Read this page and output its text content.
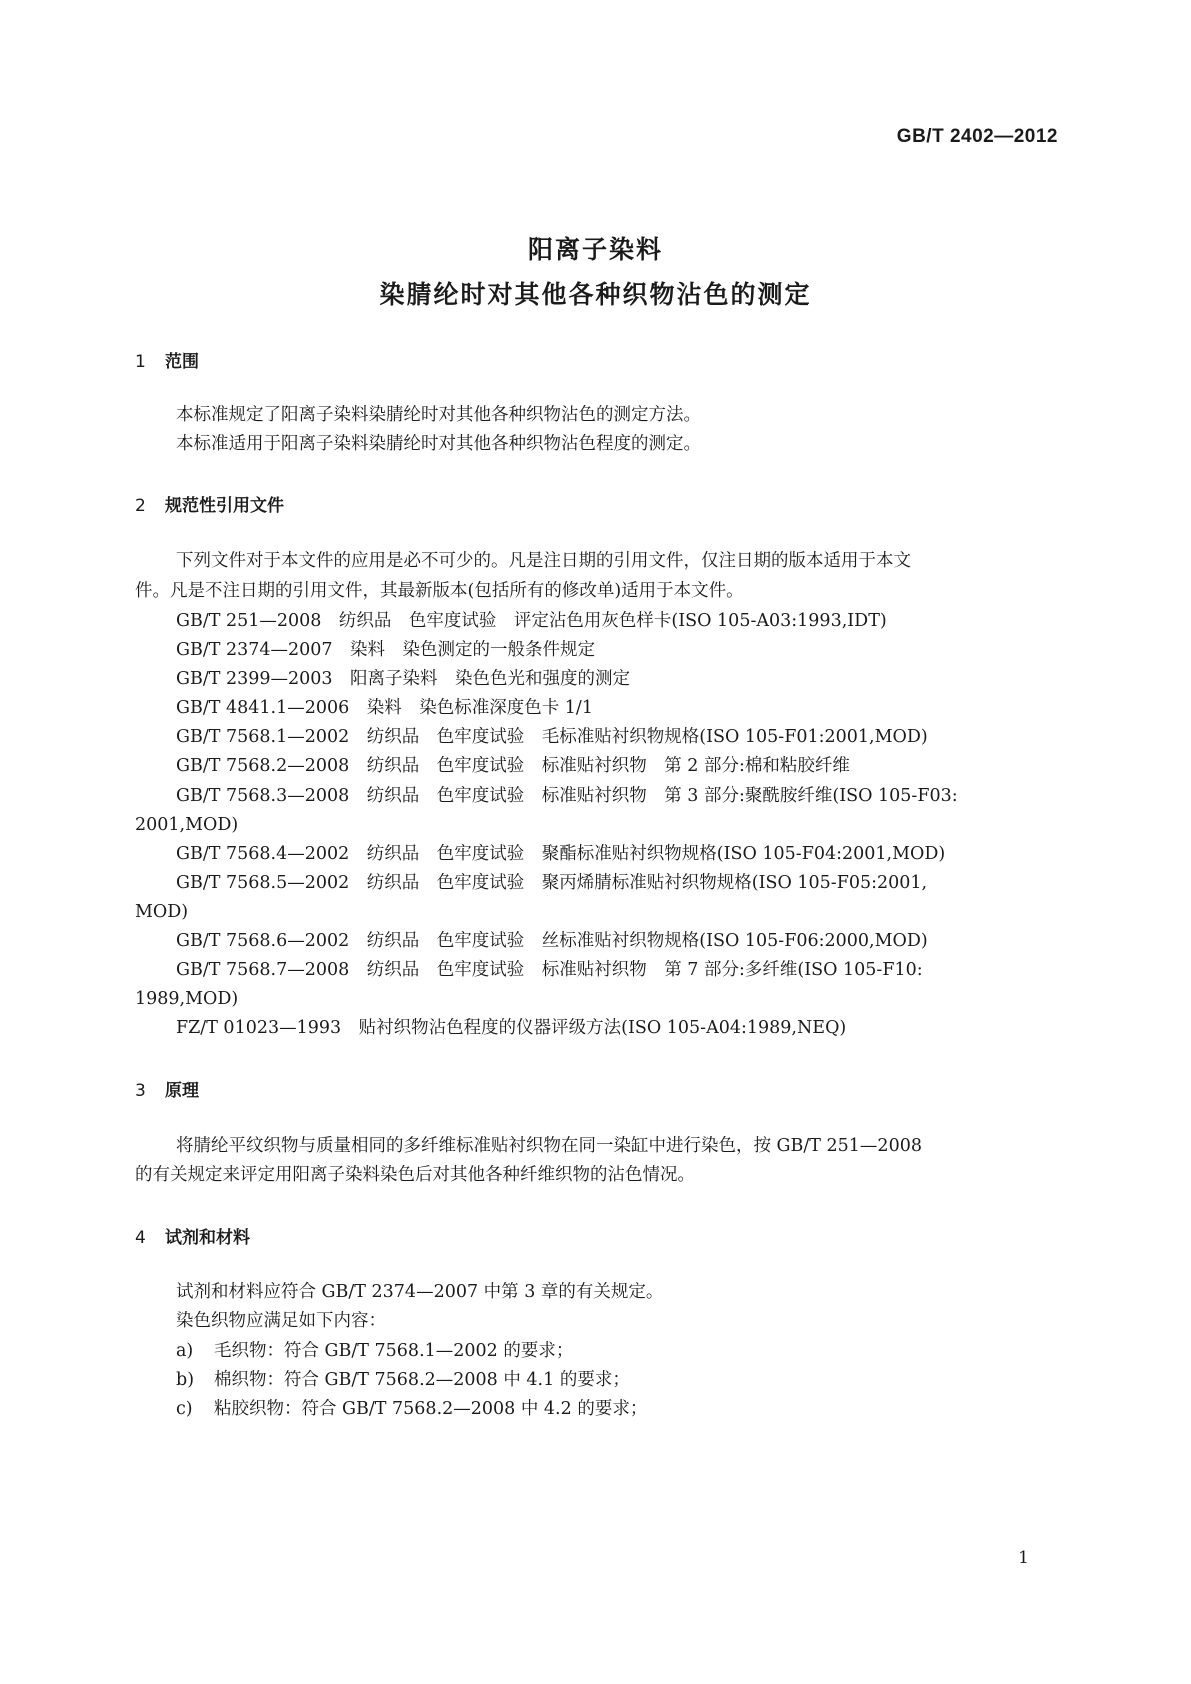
GB/T 2402—2012
阳离子染料
染腈纶时对其他各种织物沾色的测定
1 范围
本标准规定了阳离子染料染腈纶时对其他各种织物沾色的测定方法。
本标准适用于阳离子染料染腈纶时对其他各种织物沾色程度的测定。
2 规范性引用文件
下列文件对于本文件的应用是必不可少的。凡是注日期的引用文件，仅注日期的版本适用于本文
件。凡是不注日期的引用文件，其最新版本(包括所有的修改单)适用于本文件。
GB/T 251—2008　纺织品　色牢度试验　评定沾色用灰色样卡(ISO 105-A03:1993,IDT)
GB/T 2374—2007　染料　染色测定的一般条件规定
GB/T 2399—2003　阳离子染料　染色色光和强度的测定
GB/T 4841.1—2006　染料　染色标准深度色卡 1/1
GB/T 7568.1—2002　纺织品　色牢度试验　毛标准贴衬织物规格(ISO 105-F01:2001,MOD)
GB/T 7568.2—2008　纺织品　色牢度试验　标准贴衬织物　第 2 部分:棉和粘胶纤维
GB/T 7568.3—2008　纺织品　色牢度试验　标准贴衬织物　第 3 部分:聚酰胺纤维(ISO 105-F03:
2001,MOD)
GB/T 7568.4—2002　纺织品　色牢度试验　聚酯标准贴衬织物规格(ISO 105-F04:2001,MOD)
GB/T 7568.5—2002　纺织品　色牢度试验　聚丙烯腈标准贴衬织物规格(ISO 105-F05:2001,
MOD)
GB/T 7568.6—2002　纺织品　色牢度试验　丝标准贴衬织物规格(ISO 105-F06:2000,MOD)
GB/T 7568.7—2008　纺织品　色牢度试验　标准贴衬织物　第 7 部分:多纤维(ISO 105-F10:
1989,MOD)
FZ/T 01023—1993　贴衬织物沾色程度的仪器评级方法(ISO 105-A04:1989,NEQ)
3 原理
将腈纶平纹织物与质量相同的多纤维标准贴衬织物在同一染缸中进行染色，按 GB/T 251—2008
的有关规定来评定用阳离子染料染色后对其他各种纤维织物的沾色情况。
4 试剂和材料
试剂和材料应符合 GB/T 2374—2007 中第 3 章的有关规定。
染色织物应满足如下内容：
a) 毛织物：符合 GB/T 7568.1—2002 的要求；
b) 棉织物：符合 GB/T 7568.2—2008 中 4.1 的要求；
c) 粘胶织物：符合 GB/T 7568.2—2008 中 4.2 的要求；
1
